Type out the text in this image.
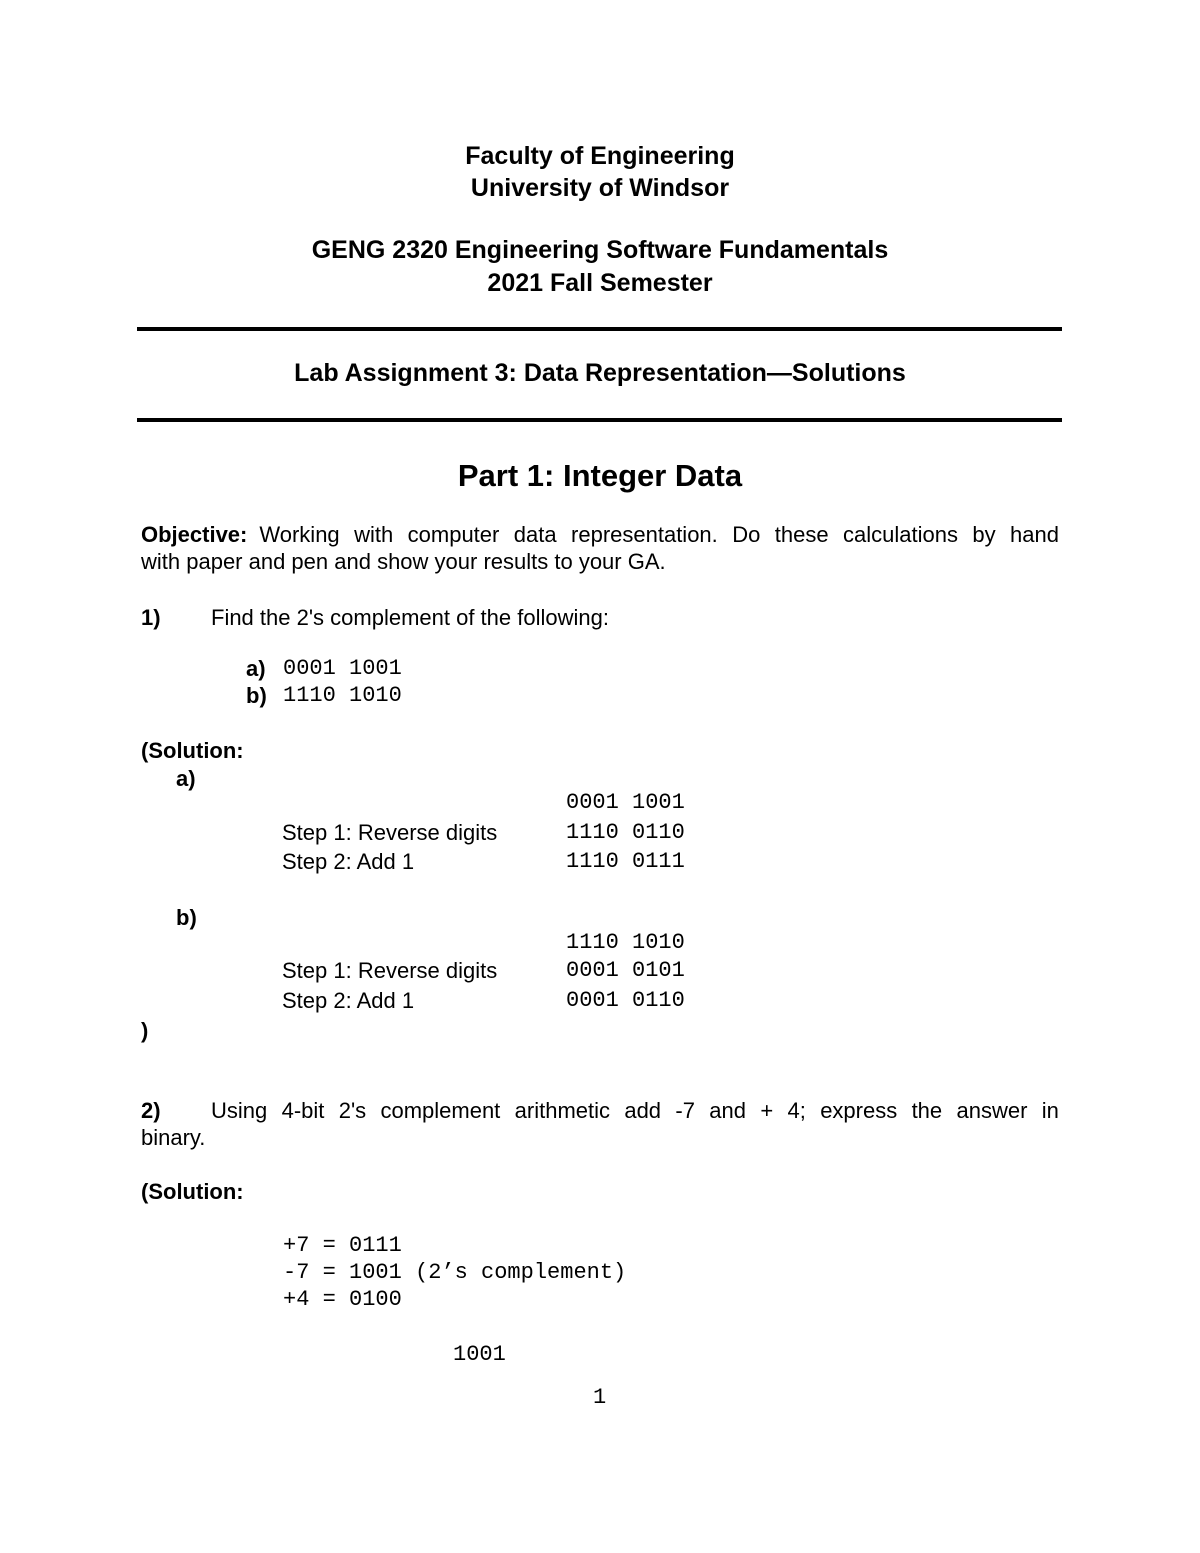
Faculty of Engineering
University of Windsor
GENG 2320 Engineering Software Fundamentals
2021 Fall Semester
Lab Assignment 3: Data Representation—Solutions
Part 1: Integer Data
Objective: Working with computer data representation. Do these calculations by hand
with paper and pen and show your results to your GA.
1) Find the 2's complement of the following:
a) 0001 1001
b) 1110 1010
(Solution:
a)
0001 1001
Step 1: Reverse digits	1110 0110
Step 2: Add 1	1110 0111
b)
1110 1010
Step 1: Reverse digits	0001 0101
Step 2: Add 1	0001 0110
)
2) Using 4-bit 2's complement arithmetic add -7 and + 4; express the answer in
binary.
(Solution:
+7 = 0111
-7 = 1001 (2’s complement)
+4 = 0100
1001
1
